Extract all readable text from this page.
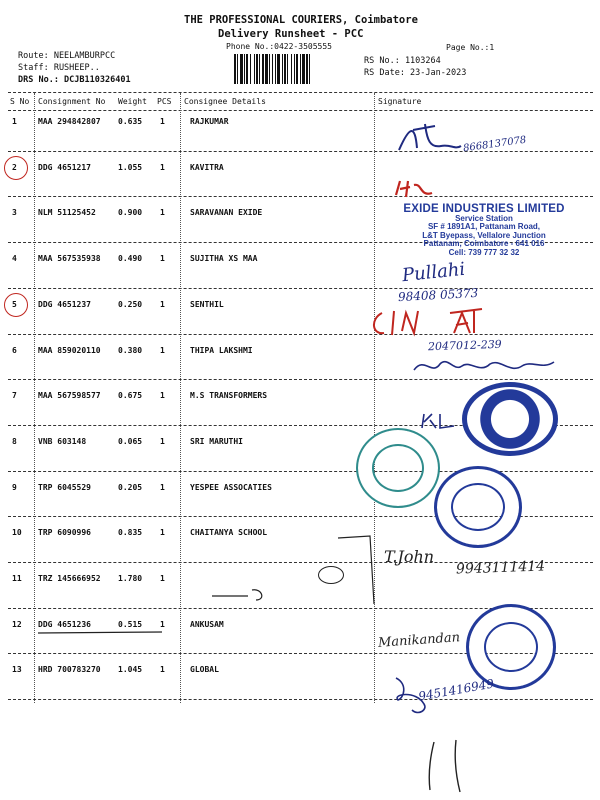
THE PROFESSIONAL COURIERS, Coimbatore
Delivery Runsheet - PCC
Phone No.:0422-3505555	Page No.:1
Route: NEELAMBURPCC
Staff: RUSHEEP..
DRS No.: DCJB110326401
RS No.: 1103264
RS Date: 23-Jan-2023
S No Consignment No Weight PCS Consignee Details	Signature
1	MAA 294842807 0.635 1	RAJKUMAR
2	DDG 4651217	1.055 1	KAVITRA
3	NLM 51125452	0.900 1	SARAVANAN EXIDE
4	MAA 567535938 0.490 1	SUJITHA XS MAA
5	DDG 4651237	0.250 1	SENTHIL
6	MAA 859020110 0.380 1	THIPA LAKSHMI
7	MAA 567598577 0.675 1	M.S TRANSFORMERS
8	VNB 603148	0.065 1	SRI MARUTHI
9	TRP 6045529	0.205 1	YESPEE ASSOCATIES
10 TRP 6090996	0.835 1	CHAITANYA SCHOOL
11 TRZ 145666952 1.780 1
12 DDG 4651236	0.515 1	ANKUSAM
13 HRD 700783270 1.045 1	GLOBAL
8668137078
EXIDE INDUSTRIES LIMITED
Service Station
SF # 1891A1, Pattanam Road,
L&T Byepass, Vellalore Junction
Pattanam, Coimbatore - 641 016
Cell: 739 777 32 32
Pullahi
98408 05373
2047012-239
T.John
9943111414
Manikandan
9451416949
